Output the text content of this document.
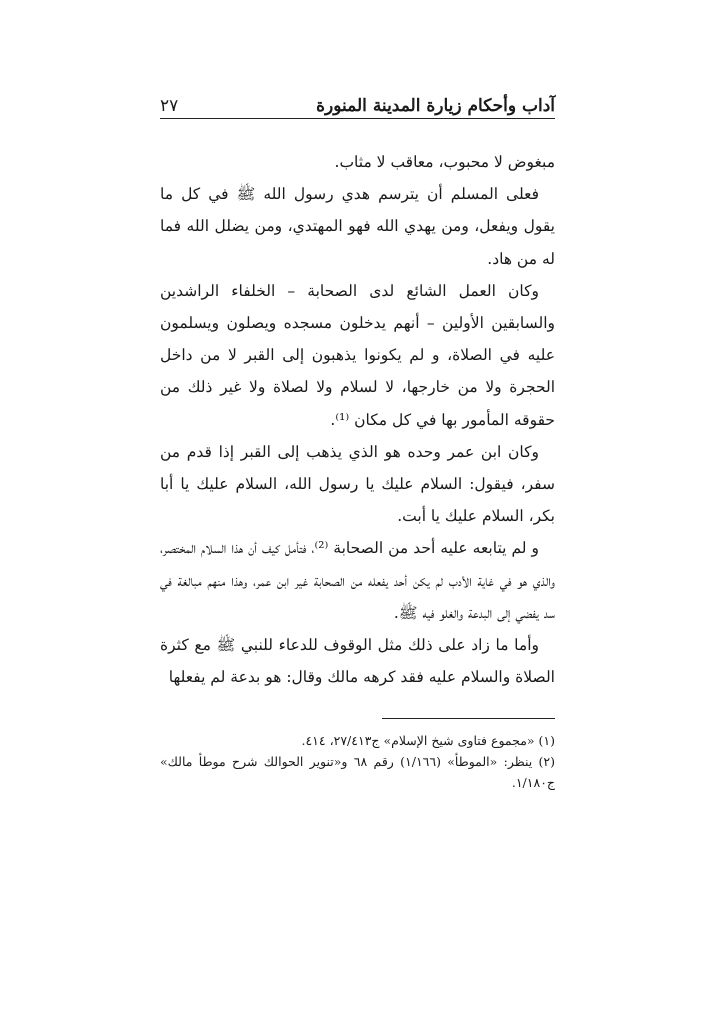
آداب وأحكام زيارة المدينة المنورة
٢٧

مبغوض لا محبوب، معاقب لا مثاب.

فعلى المسلم أن يترسم هدي رسول الله ﷺ في كل ما يقول ويفعل، ومن يهدي الله فهو المهتدي، ومن يضلل الله فما له من هاد.

وكان العمل الشائع لدى الصحابة – الخلفاء الراشدين والسابقين الأولين – أنهم يدخلون مسجده ويصلون ويسلمون عليه في الصلاة، و لم يكونوا يذهبون إلى القبر لا من داخل الحجرة ولا من خارجها، لا لسلام ولا لصلاة ولا غير ذلك من حقوقه المأمور بها في كل مكان ⁽¹⁾.

وكان ابن عمر وحده هو الذي يذهب إلى القبر إذا قدم من سفر، فيقول: السلام عليك يا رسول الله، السلام عليك يا أبا بكر، السلام عليك يا أبت.

و لم يتابعه عليه أحد من الصحابة ⁽²⁾، فتأمل كيف أن هذا السلام المختصر، والذي هو في غاية الأدب لم يكن أحد يفعله من الصحابة غير ابن عمر، وهذا منهم مبالغة في سد يفضي إلى البدعة والغلو فيه ﷺ.

وأما ما زاد على ذلك مثل الوقوف للدعاء للنبي ﷺ مع كثرة الصلاة والسلام عليه فقد كرهه مالك وقال: هو بدعة لم يفعلها

(١) «مجموع فتاوى شيخ الإسلام» ج٢٧/٤١٣، ٤١٤.

(٢) ينظر: «الموطأ» (١/١٦٦) رقم ٦٨ و«تنوير الحوالك شرح موطأ مالك» ج١/١٨٠.
